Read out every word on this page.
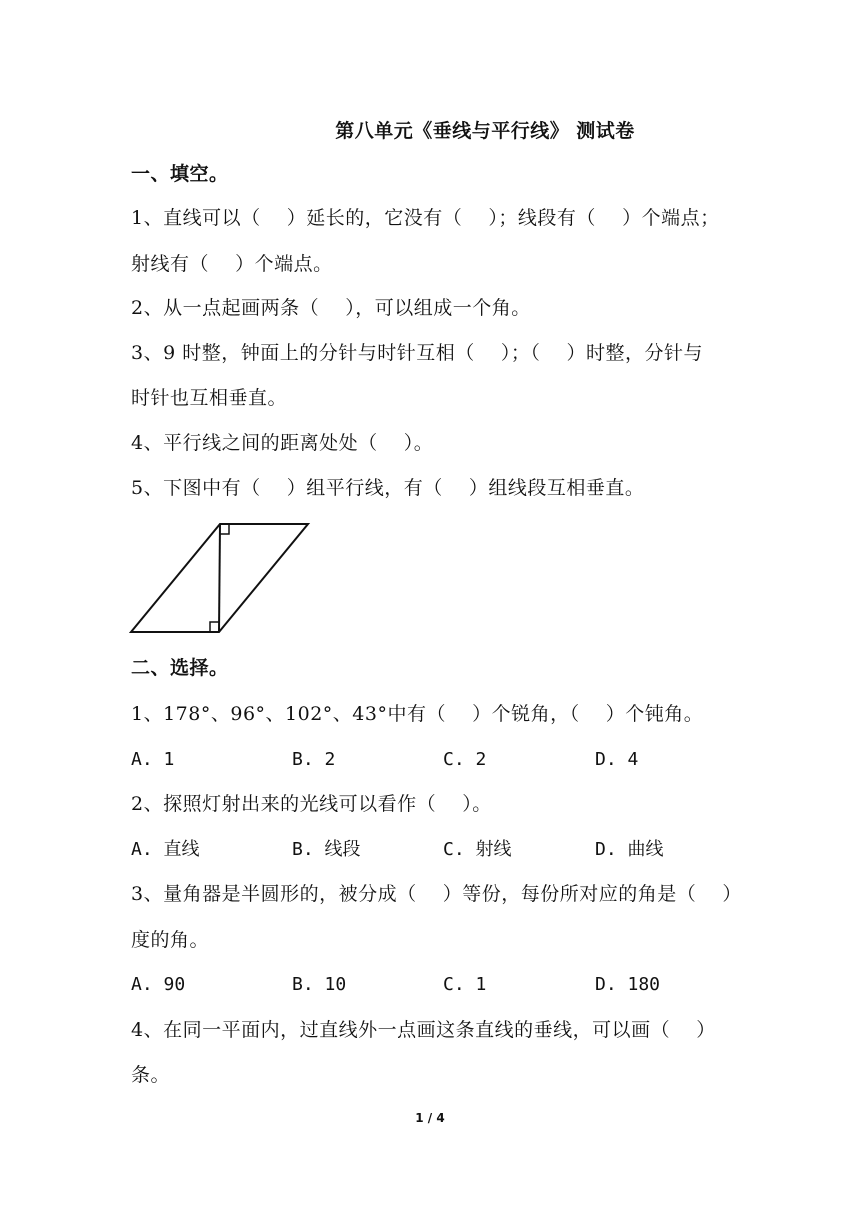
第八单元《垂线与平行线》 测试卷
一、填空。
1、直线可以（    ）延长的，它没有（    ）；线段有（    ）个端点；
射线有（    ）个端点。
2、从一点起画两条（    ），可以组成一个角。
3、9 时整，钟面上的分针与时针互相（    ）；（    ）时整，分针与
时针也互相垂直。
4、平行线之间的距离处处（    ）。
5、下图中有（    ）组平行线，有（    ）组线段互相垂直。
二、选择。
1、178°、96°、102°、43°中有（    ）个锐角，（    ）个钝角。
A. 1	B. 2	C. 2	D. 4
2、探照灯射出来的光线可以看作（    ）。
A. 直线	B. 线段	C. 射线	D. 曲线
3、量角器是半圆形的，被分成（    ）等份，每份所对应的角是（    ）
度的角。
A. 90	B. 10	C. 1	D. 180
4、在同一平面内，过直线外一点画这条直线的垂线，可以画（    ）
条。
1 / 4
